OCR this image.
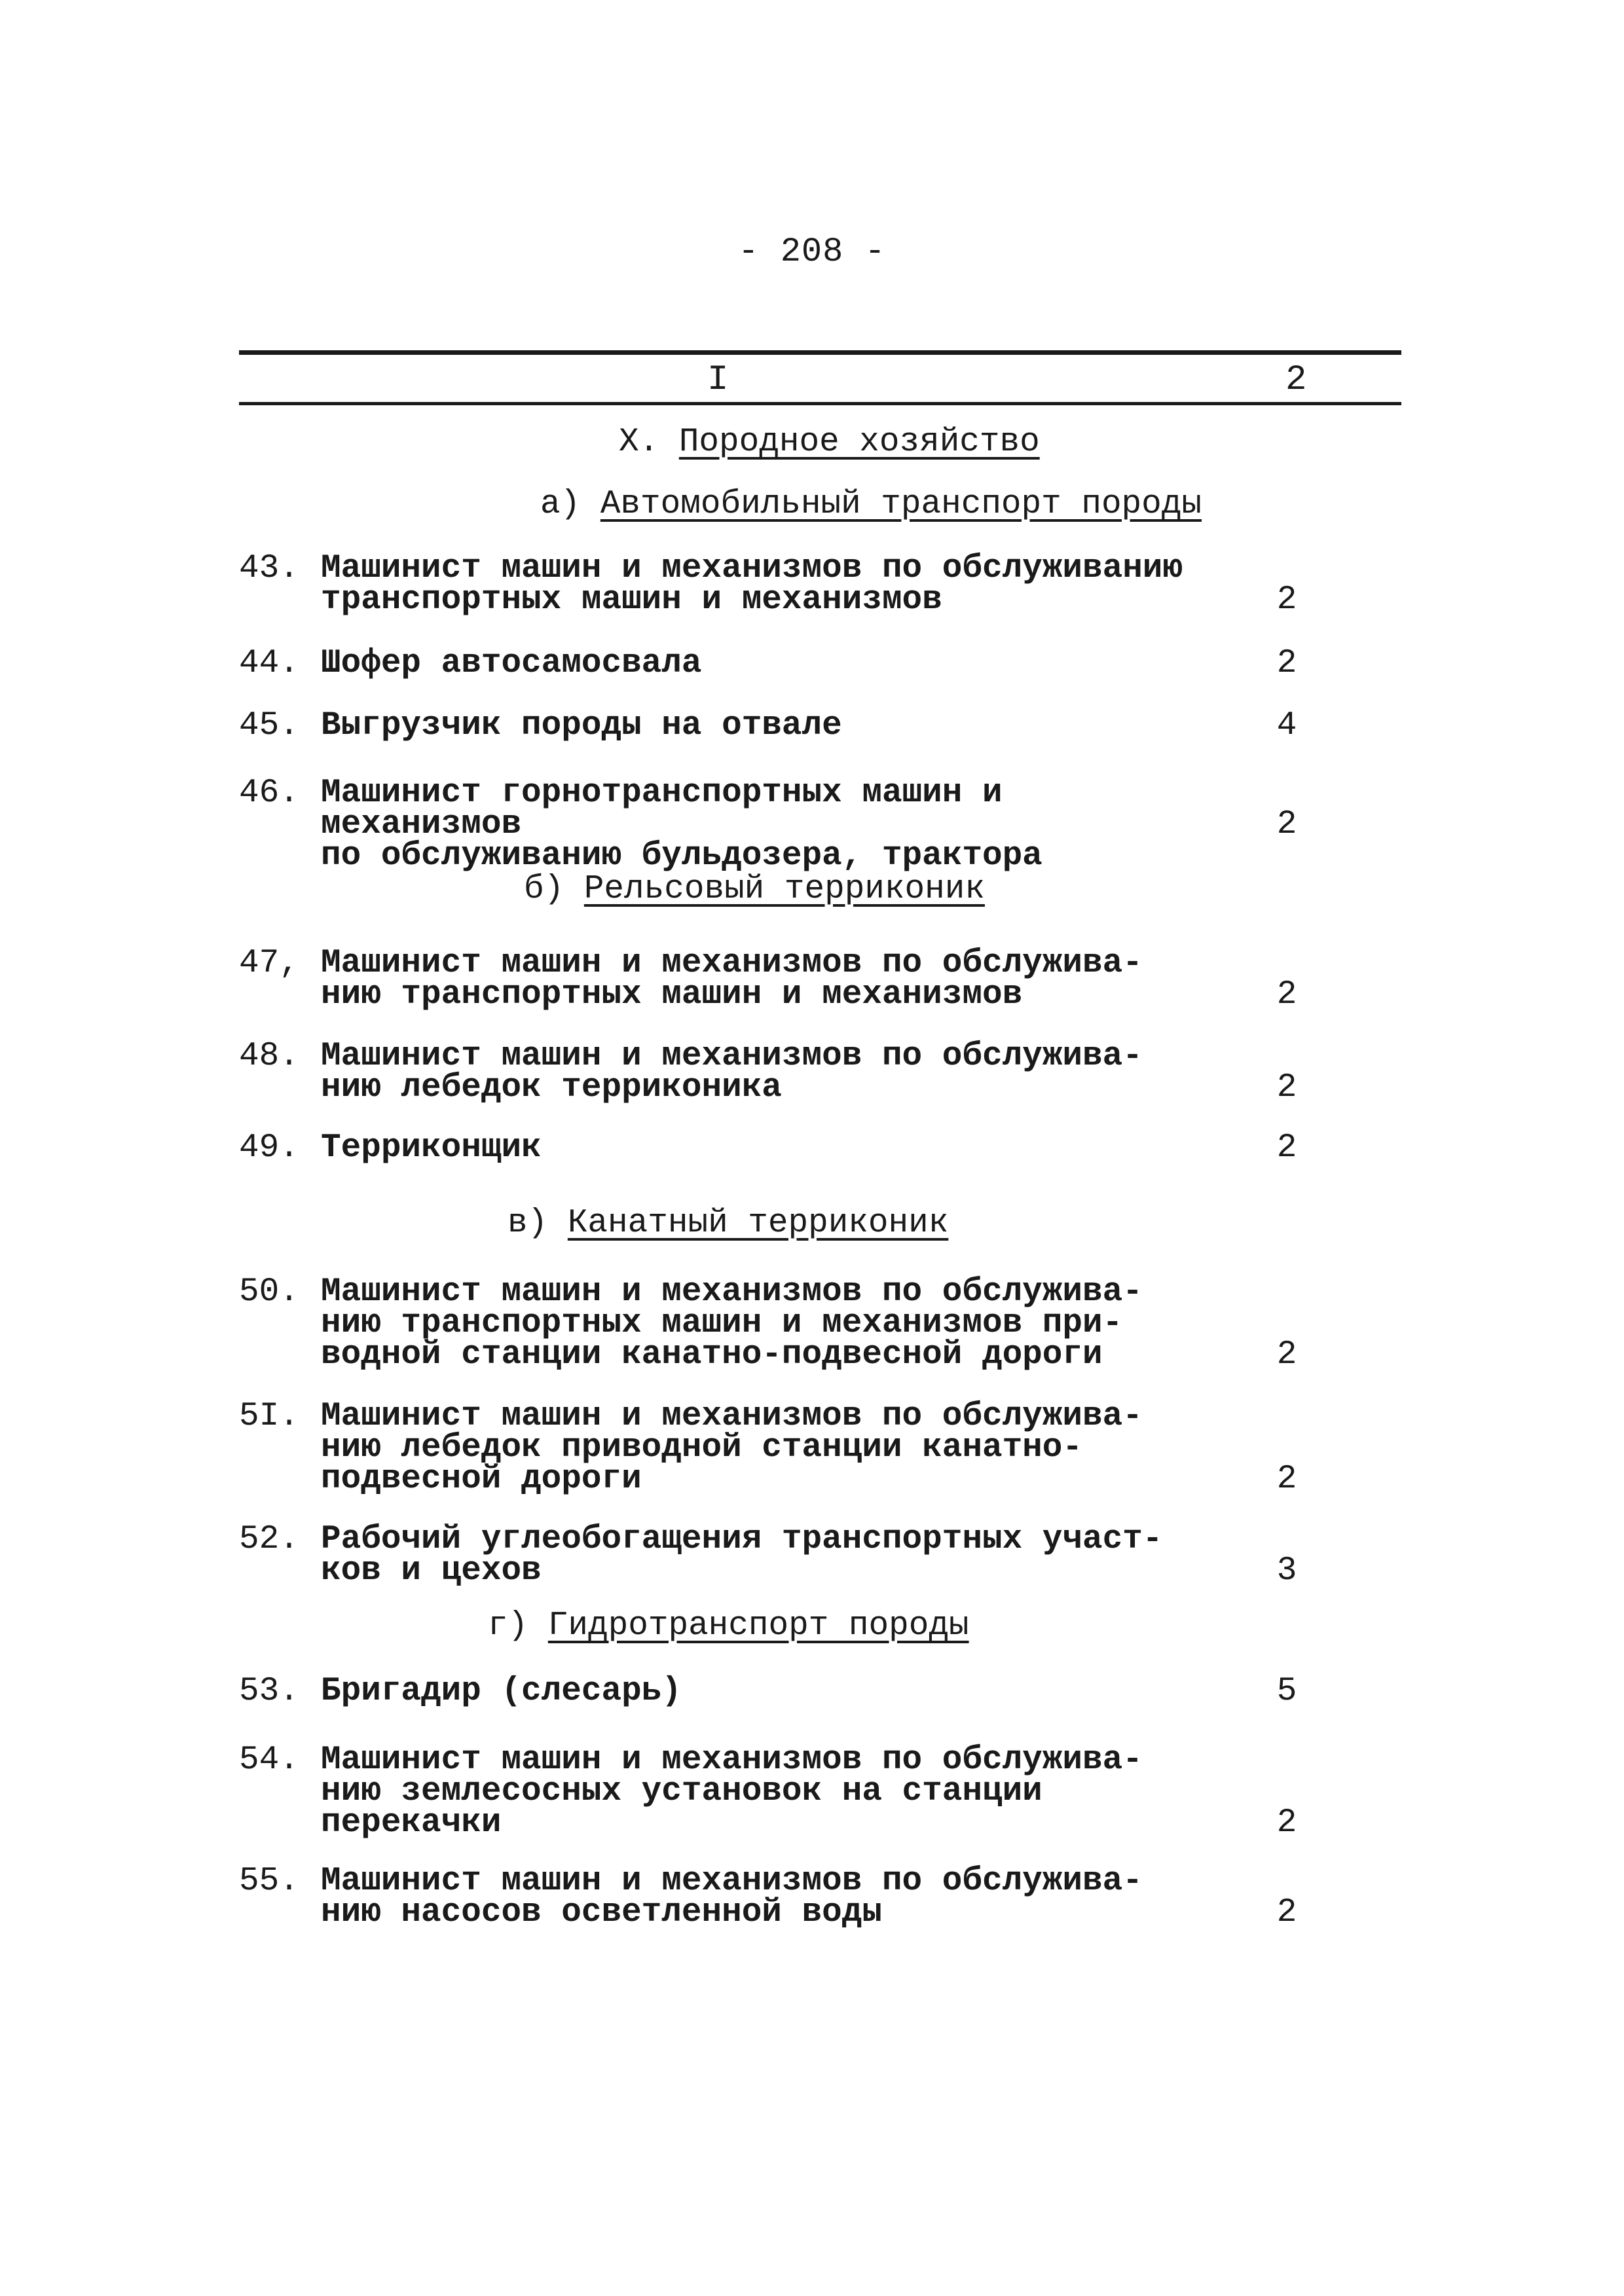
- 208 -
I	2
X. Породное хозяйство
а) Автомобильный транспорт породы
43. Машинист машин и механизмов по обслуживанию
транспортных машин и механизмов	2
44. Шофер автосамосвала	2
45. Выгрузчик породы на отвале	4
46. Машинист горнотранспортных машин и механизмов
по обслуживанию бульдозера, трактора
2
б) Рельсовый терриконик
47, Машинист машин и механизмов по обслужива-
нию транспортных машин и механизмов	2
48. Машинист машин и механизмов по обслужива-
нию лебедок терриконика	2
49. Терриконщик	2
в) Канатный терриконик
50. Машинист машин и механизмов по обслужива-
нию транспортных машин и механизмов при-
водной станции канатно-подвесной дороги	2
5I. Машинист машин и механизмов по обслужива-
нию лебедок приводной станции канатно-
подвесной дороги	2
52. Рабочий углеобогащения транспортных участ-
ков и цехов	3
г) Гидротранспорт породы
53. Бригадир (слесарь)	5
54. Машинист машин и механизмов по обслужива-
нию землесосных установок на станции
перекачки	2
55. Машинист машин и механизмов по обслужива-
нию насосов осветленной воды	2
